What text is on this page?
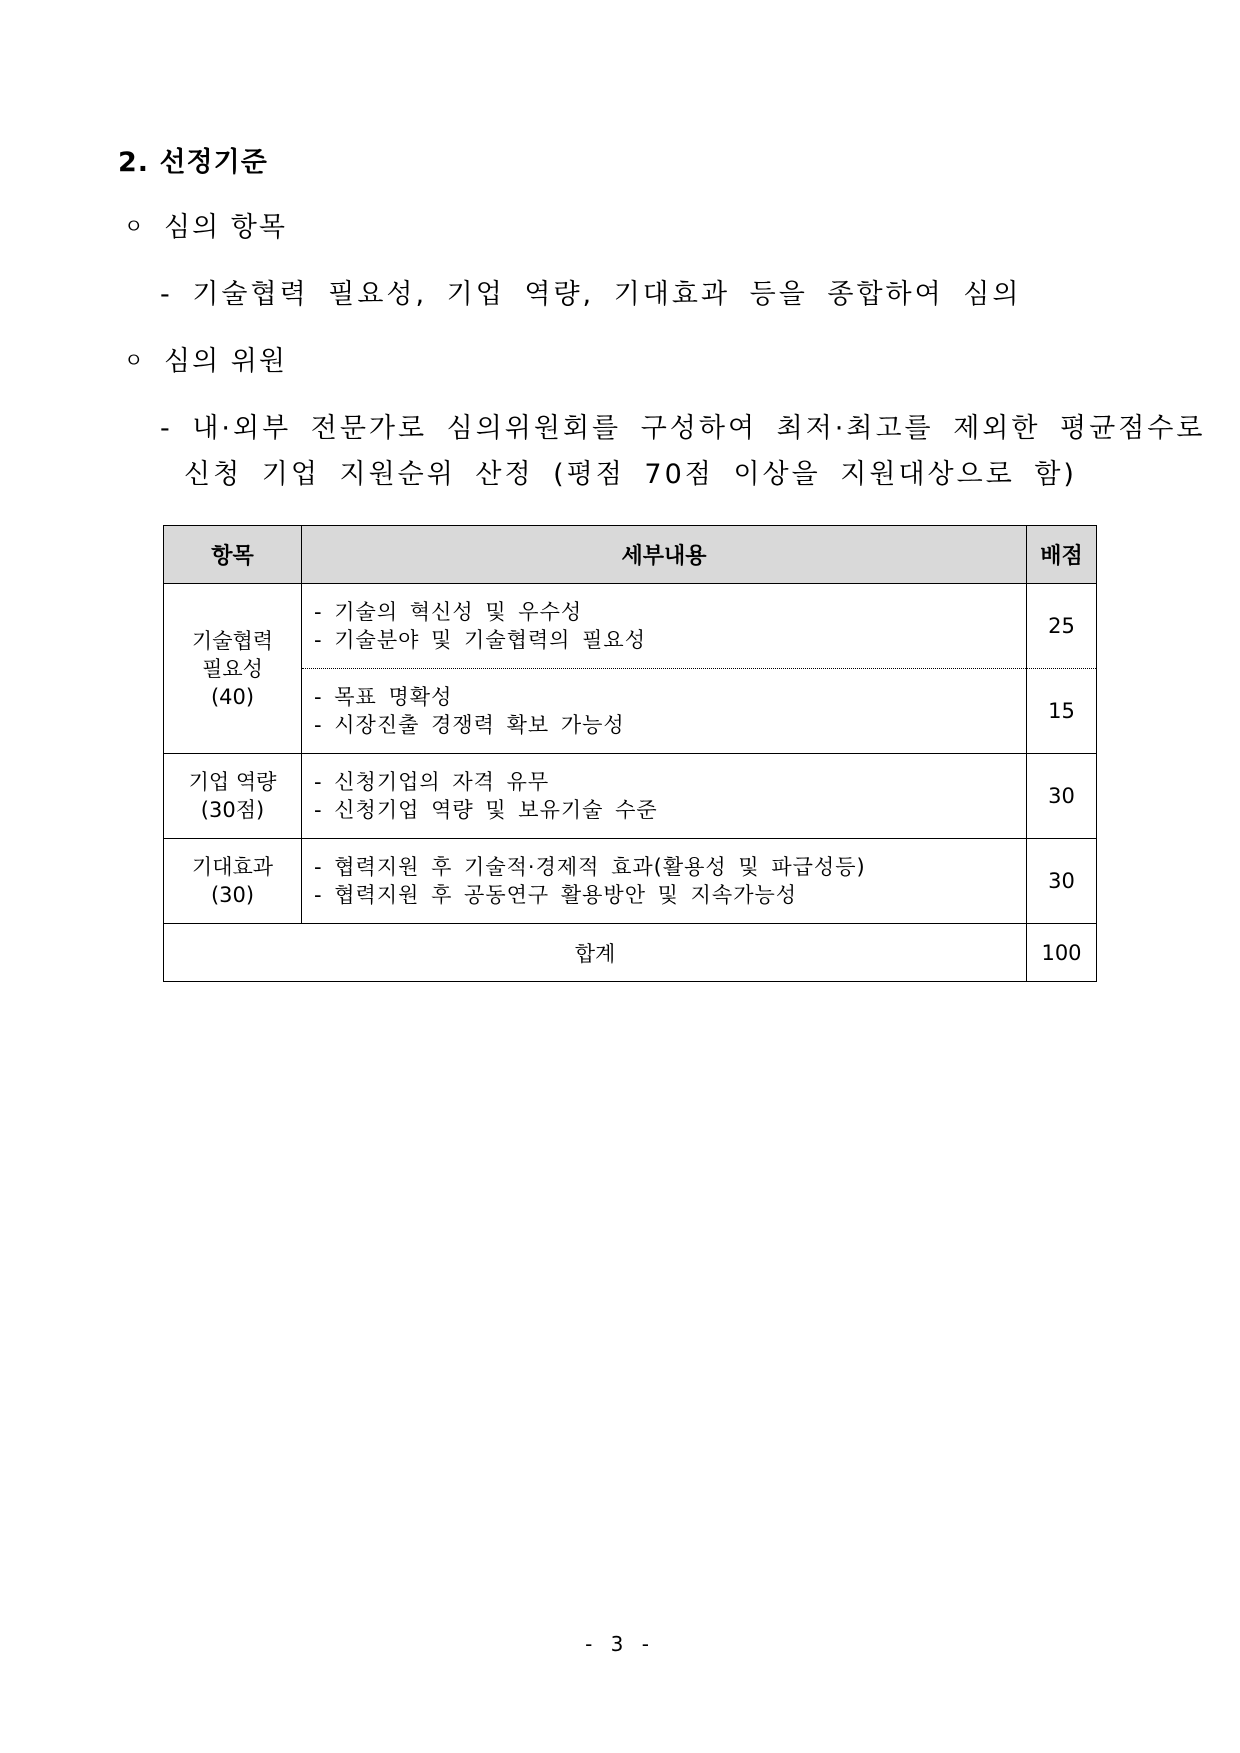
2. 선정기준
ㅇ 심의 항목
- 기술협력 필요성, 기업 역량, 기대효과 등을 종합하여 심의
ㅇ 심의 위원
- 내·외부 전문가로 심의위원회를 구성하여 최저·최고를 제외한 평균점수로
신청 기업 지원순위 산정 (평점 70점 이상을 지원대상으로 함)
항목	세부내용	배점

기술협력
필요성
(40)	- 기술의 혁신성 및 우수성
- 기술분야 및 기술협력의 필요성	25

	- 목표 명확성
- 시장진출 경쟁력 확보 가능성	15

기업 역량
(30점)	- 신청기업의 자격 유무
- 신청기업 역량 및 보유기술 수준	30

기대효과
(30)	- 협력지원 후 기술적·경제적 효과(활용성 및 파급성등)
- 협력지원 후 공동연구 활용방안 및 지속가능성	30
합계		100
- 3 -
